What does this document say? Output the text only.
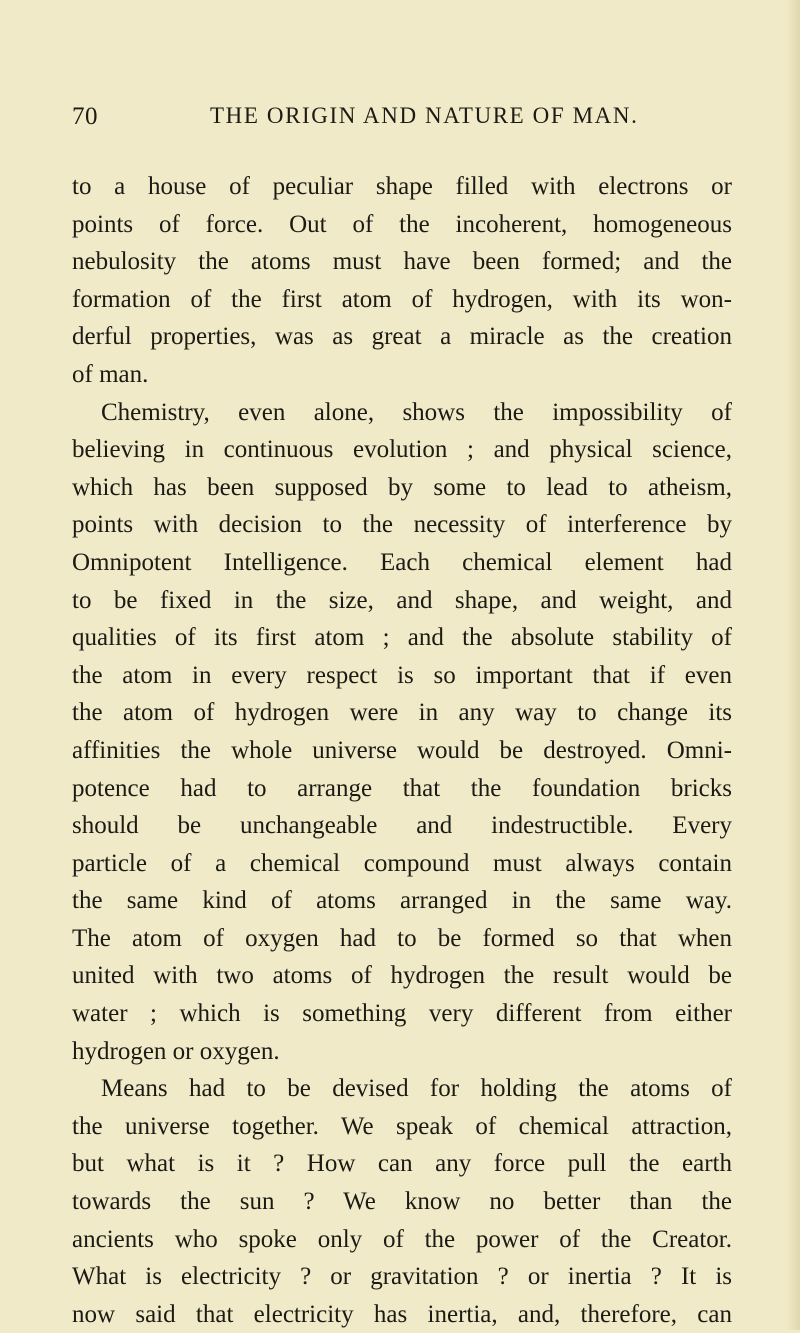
70	THE ORIGIN AND NATURE OF MAN.
to a house of peculiar shape filled with electrons or
points of force. Out of the incoherent, homogeneous
nebulosity the atoms must have been formed; and the
formation of the first atom of hydrogen, with its won-
derful properties, was as great a miracle as the creation
of man.
Chemistry, even alone, shows the impossibility of
believing in continuous evolution ; and physical science,
which has been supposed by some to lead to atheism,
points with decision to the necessity of interference by
Omnipotent Intelligence. Each chemical element had
to be fixed in the size, and shape, and weight, and
qualities of its first atom ; and the absolute stability of
the atom in every respect is so important that if even
the atom of hydrogen were in any way to change its
affinities the whole universe would be destroyed. Omni-
potence had to arrange that the foundation bricks
should be unchangeable and indestructible. Every
particle of a chemical compound must always contain
the same kind of atoms arranged in the same way.
The atom of oxygen had to be formed so that when
united with two atoms of hydrogen the result would be
water ; which is something very different from either
hydrogen or oxygen.
Means had to be devised for holding the atoms of
the universe together. We speak of chemical attraction,
but what is it ? How can any force pull the earth
towards the sun ? We know no better than the
ancients who spoke only of the power of the Creator.
What is electricity ? or gravitation ? or inertia ? It is
now said that electricity has inertia, and, therefore, can
